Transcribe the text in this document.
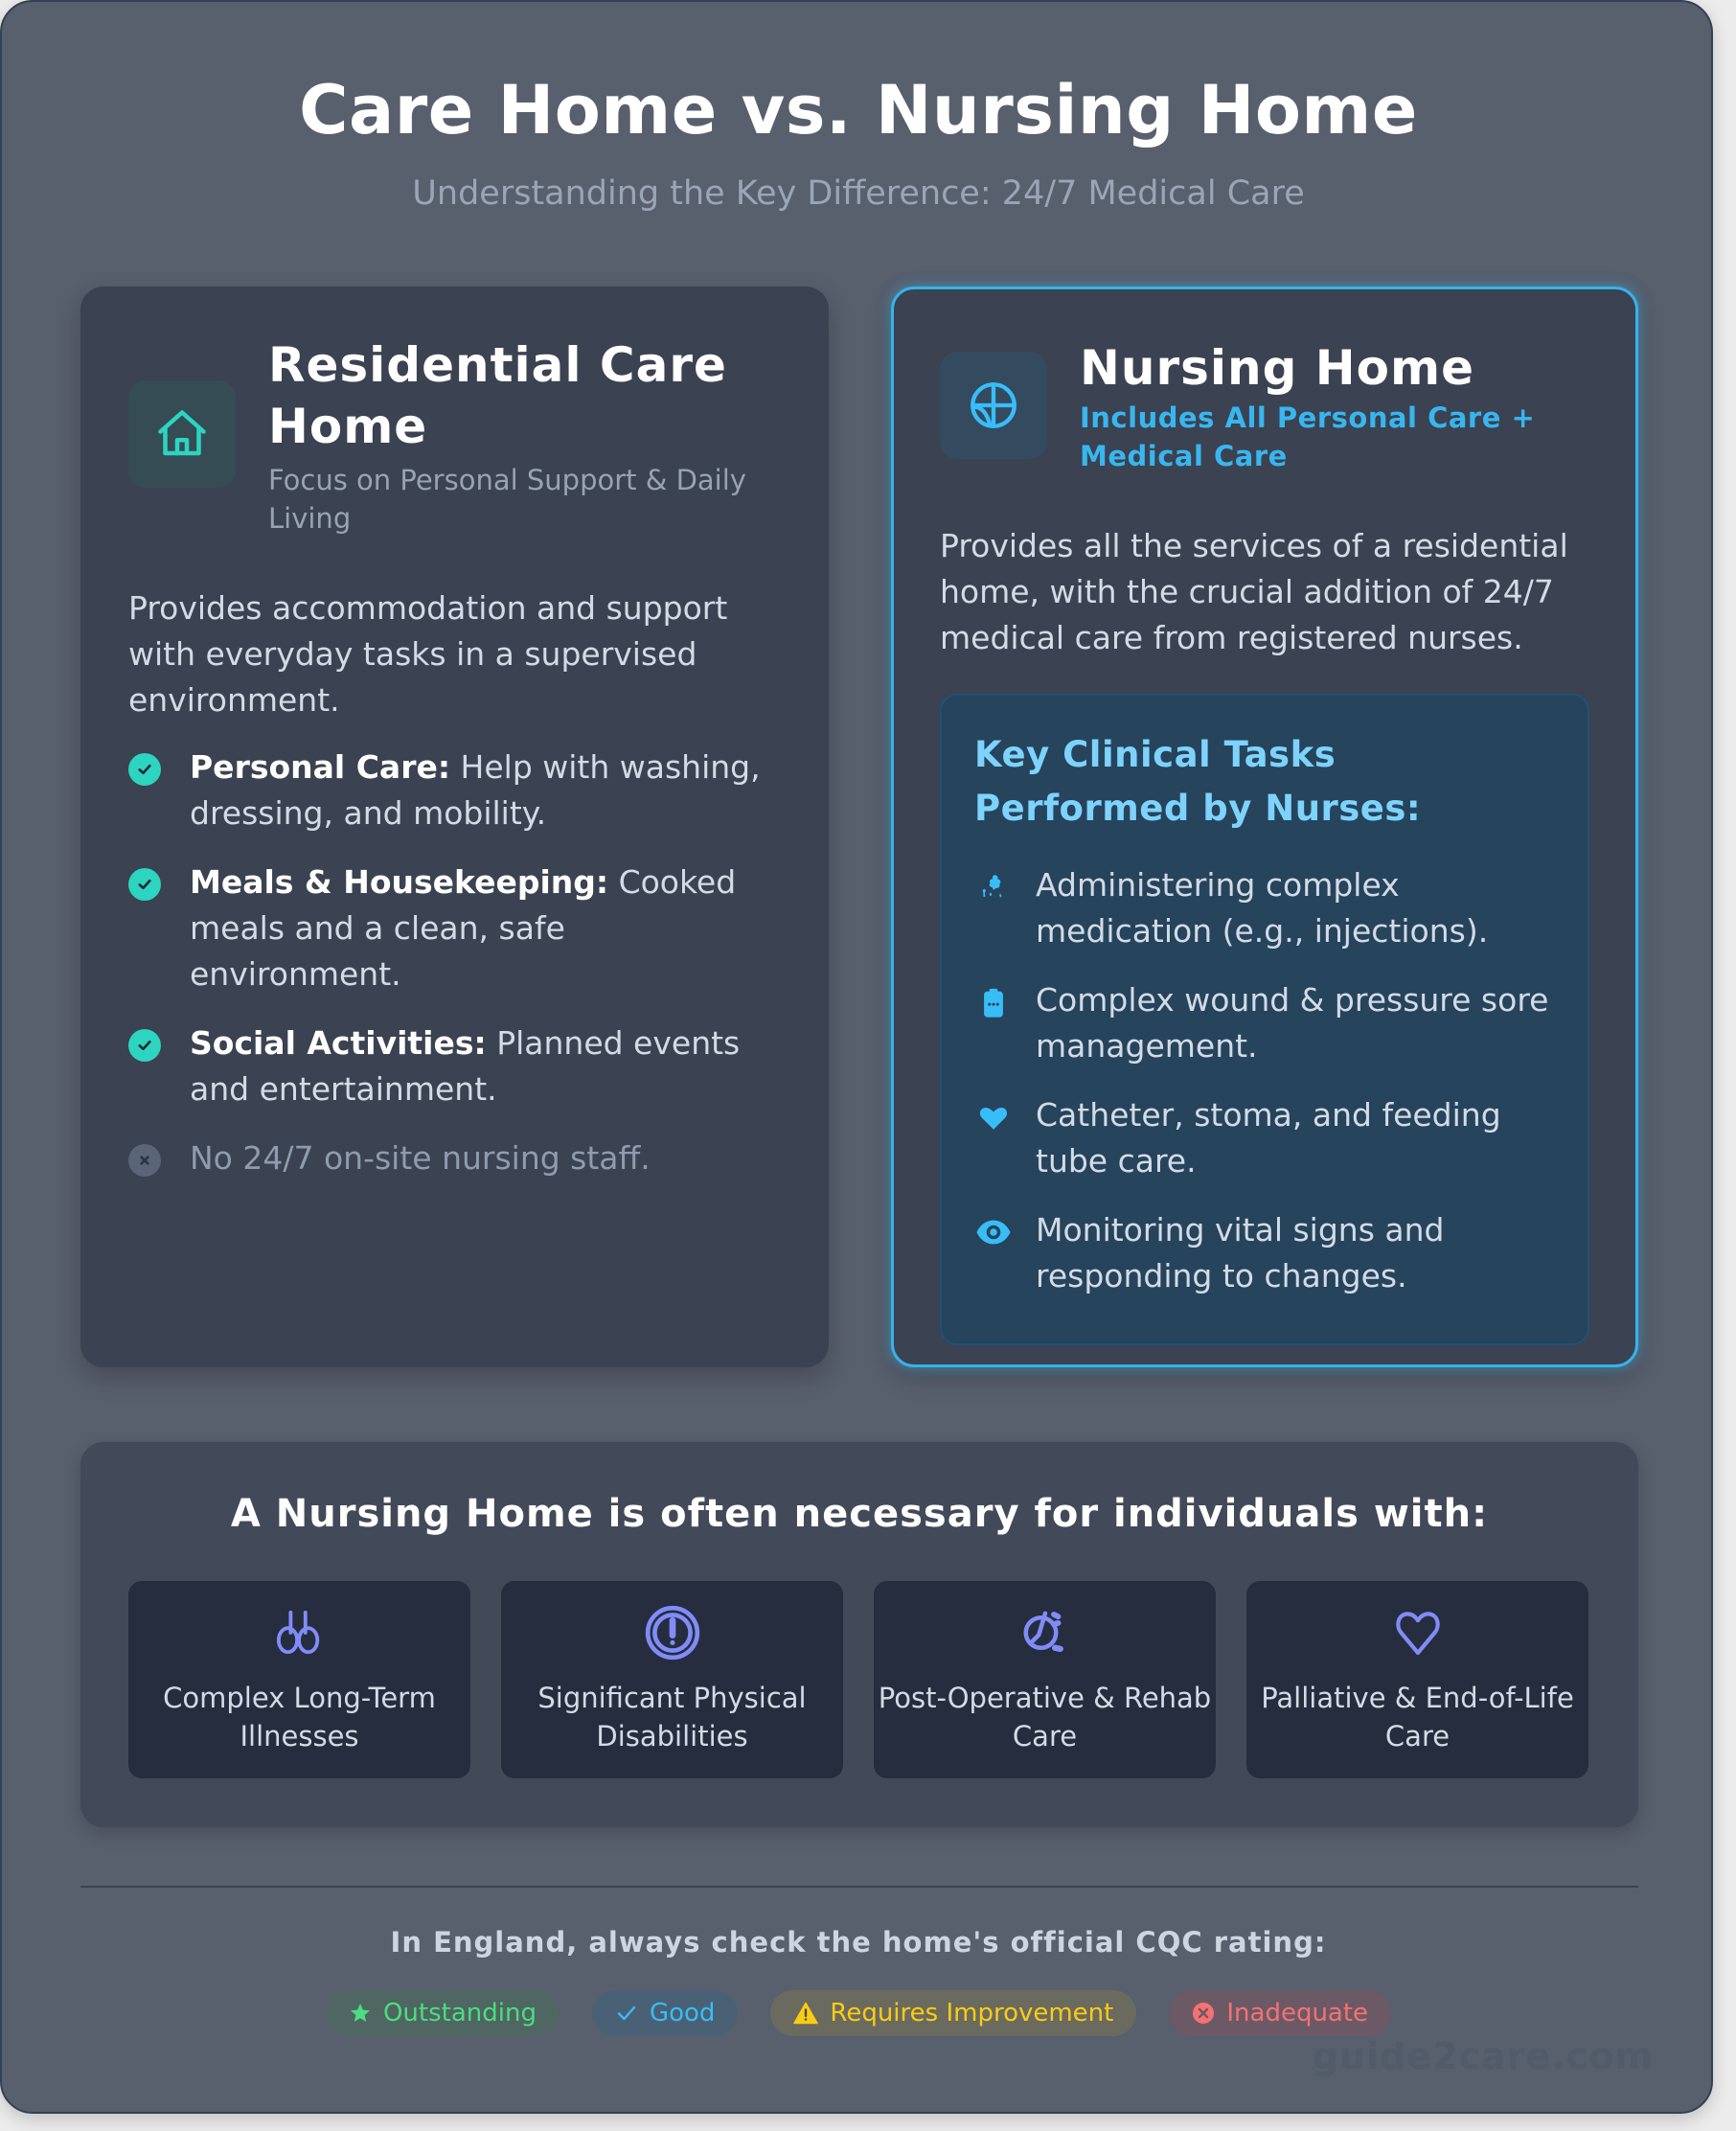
Care Home vs. Nursing Home

Understanding the Key Difference: 24/7 Medical Care

Residential Care Home
Focus on Personal Support & Daily Living
Provides accommodation and support with everyday tasks in a supervised environment.
Personal Care: Help with washing, dressing, and mobility.
Meals & Housekeeping: Cooked meals and a clean, safe environment.
Social Activities: Planned events and entertainment.
No 24/7 on-site nursing staff.
Nursing Home
Includes All Personal Care + Medical Care
Provides all the services of a residential home, with the crucial addition of 24/7 medical care from registered nurses.
Key Clinical Tasks Performed by Nurses:
Administering complex medication (e.g., injections).
Complex wound & pressure sore management.
Catheter, stoma, and feeding tube care.
Monitoring vital signs and responding to changes.
A Nursing Home is often necessary for individuals with:
Complex Long-Term Illnesses
Significant Physical Disabilities
Post-Operative & Rehab Care
Palliative & End-of-Life Care
In England, always check the home's official CQC rating:
Outstanding	Good	Requires Improvement	Inadequate
guide2care.com
